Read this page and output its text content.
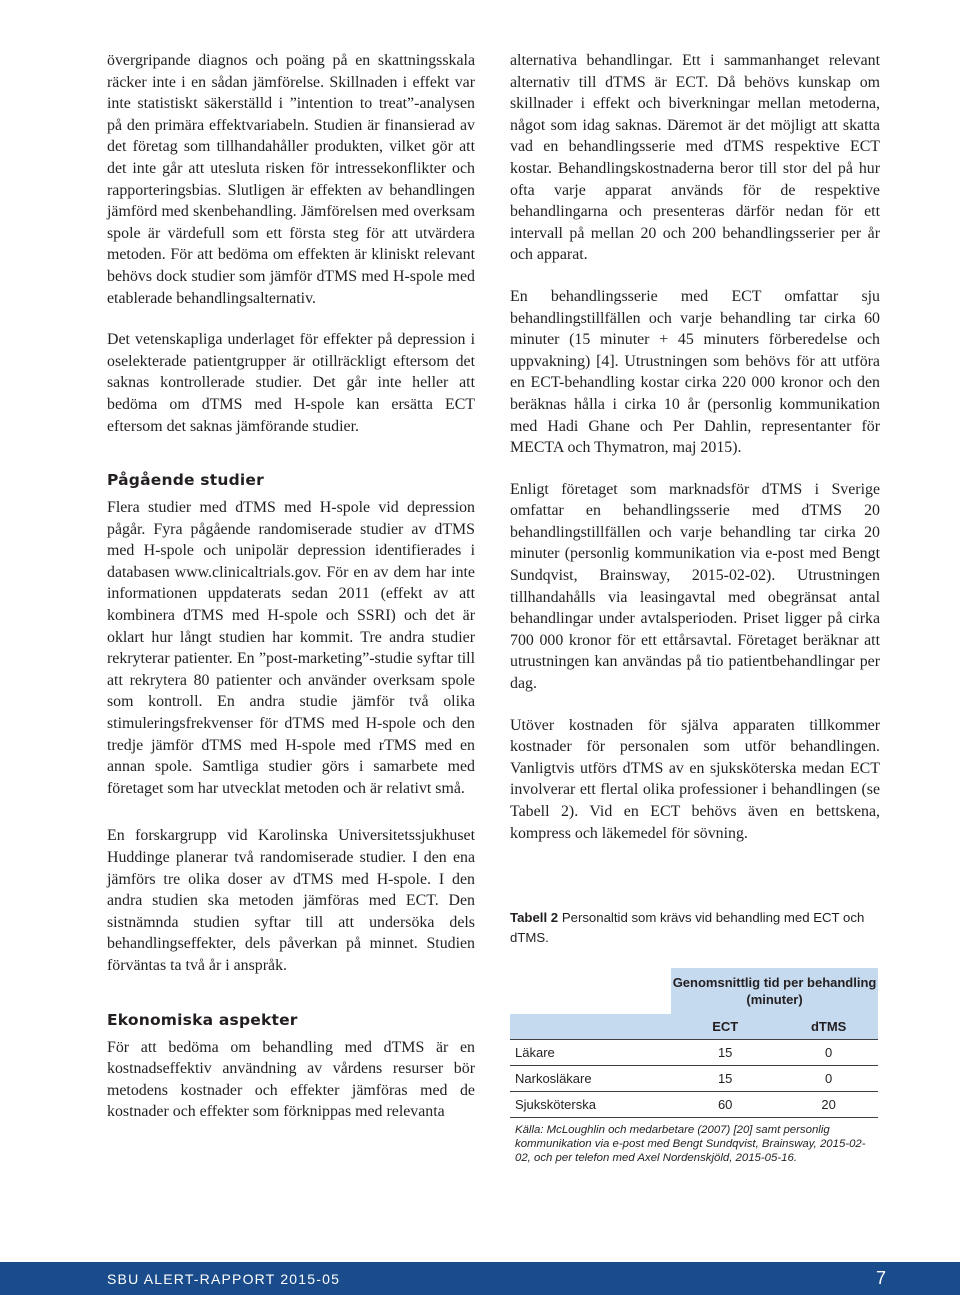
övergripande diagnos och poäng på en skattningsskala räcker inte i en sådan jämförelse. Skillnaden i effekt var inte statistiskt säkerställd i ”intention to treat”-analysen på den primära effektvariabeln. Studien är finansierad av det företag som tillhandahåller produkten, vilket gör att det inte går att utesluta risken för intressekonflikter och rapporteringsbias. Slutligen är effekten av behandlingen jämförd med skenbehandling. Jämförelsen med overksam spole är värdefull som ett första steg för att utvärdera metoden. För att bedöma om effekten är kliniskt relevant behövs dock studier som jämför dTMS med H-spole med etablerade behandlingsalternativ.

Det vetenskapliga underlaget för effekter på depression i oselekterade patientgrupper är otillräckligt eftersom det saknas kontrollerade studier. Det går inte heller att bedöma om dTMS med H-spole kan ersätta ECT eftersom det saknas jämförande studier.

Pågående studier

Flera studier med dTMS med H-spole vid depression pågår. Fyra pågående randomiserade studier av dTMS med H-spole och unipolär depression identifierades i databasen www.clinicaltrials.gov. För en av dem har inte informationen uppdaterats sedan 2011 (effekt av att kombinera dTMS med H-spole och SSRI) och det är oklart hur långt studien har kommit. Tre andra studier rekryterar patienter. En ”post-marketing”-studie syftar till att rekrytera 80 patienter och använder overksam spole som kontroll. En andra studie jämför två olika stimuleringsfrekvenser för dTMS med H-spole och den tredje jämför dTMS med H-spole med rTMS med en annan spole. Samtliga studier görs i samarbete med företaget som har utvecklat metoden och är relativt små.

En forskargrupp vid Karolinska Universitetssjukhuset Huddinge planerar två randomiserade studier. I den ena jämförs tre olika doser av dTMS med H-spole. I den andra studien ska metoden jämföras med ECT. Den sistnämnda studien syftar till att undersöka dels behandlingseffekter, dels påverkan på minnet. Studien förväntas ta två år i anspråk.

Ekonomiska aspekter

För att bedöma om behandling med dTMS är en kostnadseffektiv användning av vårdens resurser bör metodens kostnader och effekter jämföras med de kostnader och effekter som förknippas med relevanta

alternativa behandlingar. Ett i sammanhanget relevant alternativ till dTMS är ECT. Då behövs kunskap om skillnader i effekt och biverkningar mellan metoderna, något som idag saknas. Däremot är det möjligt att skatta vad en behandlingsserie med dTMS respektive ECT kostar. Behandlingskostnaderna beror till stor del på hur ofta varje apparat används för de respektive behandlingarna och presenteras därför nedan för ett intervall på mellan 20 och 200 behandlingsserier per år och apparat.

En behandlingsserie med ECT omfattar sju behandlingstillfällen och varje behandling tar cirka 60 minuter (15 minuter + 45 minuters förberedelse och uppvakning) [4]. Utrustningen som behövs för att utföra en ECT-behandling kostar cirka 220 000 kronor och den beräknas hålla i cirka 10 år (personlig kommunikation med Hadi Ghane och Per Dahlin, representanter för MECTA och Thymatron, maj 2015).

Enligt företaget som marknadsför dTMS i Sverige omfattar en behandlingsserie med dTMS 20 behandlingstillfällen och varje behandling tar cirka 20 minuter (personlig kommunikation via e-post med Bengt Sundqvist, Brainsway, 2015-02-02). Utrustningen tillhandahålls via leasingavtal med obegränsat antal behandlingar under avtalsperioden. Priset ligger på cirka 700 000 kronor för ett ettårsavtal. Företaget beräknar att utrustningen kan användas på tio patientbehandlingar per dag.

Utöver kostnaden för själva apparaten tillkommer kostnader för personalen som utför behandlingen. Vanligtvis utförs dTMS av en sjuksköterska medan ECT involverar ett flertal olika professioner i behandlingen (se Tabell 2). Vid en ECT behövs även en bettskena, kompress och läkemedel för sövning.

Tabell 2 Personaltid som krävs vid behandling med ECT och dTMS.
	Genomsnittlig tid per behandling (minuter)	
	ECT	dTMS
Läkare	15	0
Narkosläkare	15	0
Sjuksköterska	60	20
Källa: McLoughlin och medarbetare (2007) [20] samt personlig kommunikation via e-post med Bengt Sundqvist, Brainsway, 2015-02-02, och per telefon med Axel Nordenskjöld, 2015-05-16.
SBU ALERT-RAPPORT 2015-05	7
